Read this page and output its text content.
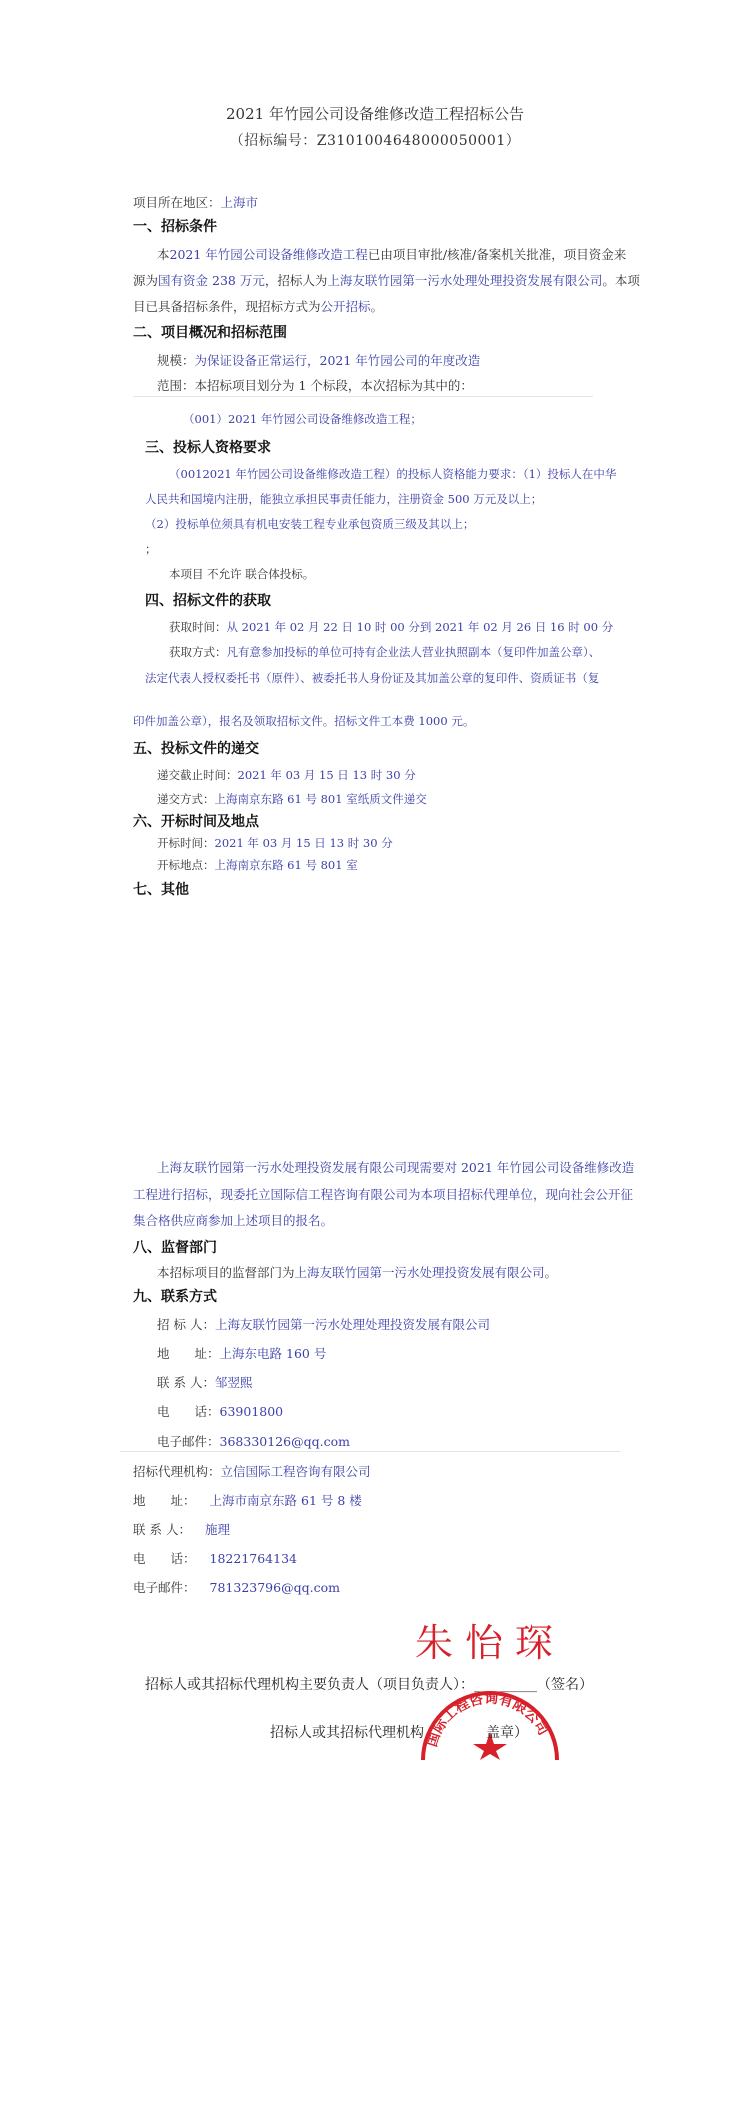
2021 年竹园公司设备维修改造工程招标公告
（招标编号：Z3101004648000050001）
项目所在地区：上海市
一、招标条件
本2021 年竹园公司设备维修改造工程已由项目审批/核准/备案机关批准，项目资金来
源为国有资金 238 万元，招标人为上海友联竹园第一污水处理处理投资发展有限公司。本项
目已具备招标条件，现招标方式为公开招标。
二、项目概况和招标范围
规模：为保证设备正常运行，2021 年竹园公司的年度改造
范围：本招标项目划分为 1 个标段，本次招标为其中的：
（001）2021 年竹园公司设备维修改造工程；
三、投标人资格要求
（0012021 年竹园公司设备维修改造工程）的投标人资格能力要求：（1）投标人在中华
人民共和国境内注册，能独立承担民事责任能力，注册资金 500 万元及以上；
（2）投标单位须具有机电安装工程专业承包资质三级及其以上；
；
本项目 不允许 联合体投标。
四、招标文件的获取
获取时间：从 2021 年 02 月 22 日 10 时 00 分到 2021 年 02 月 26 日 16 时 00 分
获取方式：凡有意参加投标的单位可持有企业法人营业执照副本（复印件加盖公章）、
法定代表人授权委托书（原件）、被委托书人身份证及其加盖公章的复印件、资质证书（复
印件加盖公章），报名及领取招标文件。招标文件工本费 1000 元。
五、投标文件的递交
递交截止时间：2021 年 03 月 15 日 13 时 30 分
递交方式：上海南京东路 61 号 801 室纸质文件递交
六、开标时间及地点
开标时间：2021 年 03 月 15 日 13 时 30 分
开标地点：上海南京东路 61 号 801 室
七、其他
上海友联竹园第一污水处理投资发展有限公司现需要对 2021 年竹园公司设备维修改造
工程进行招标，现委托立国际信工程咨询有限公司为本项目招标代理单位，现向社会公开征
集合格供应商参加上述项目的报名。
八、监督部门
本招标项目的监督部门为上海友联竹园第一污水处理投资发展有限公司。
九、联系方式
招 标 人：上海友联竹园第一污水处理处理投资发展有限公司
地　　址：上海东电路 160 号
联 系 人：邹翌熙
电　　话：63901800
电子邮件：368330126@qq.com
招标代理机构：立信国际工程咨询有限公司
地　　址： 上海市南京东路 61 号 8 楼
联 系 人： 施理
电　　话： 18221764134
电子邮件： 781323796@qq.com
朱怡琛
招标人或其招标代理机构主要负责人（项目负责人）：_________（签名）
国际工程咨询有限公司
招标人或其招标代理机构	盖章）
